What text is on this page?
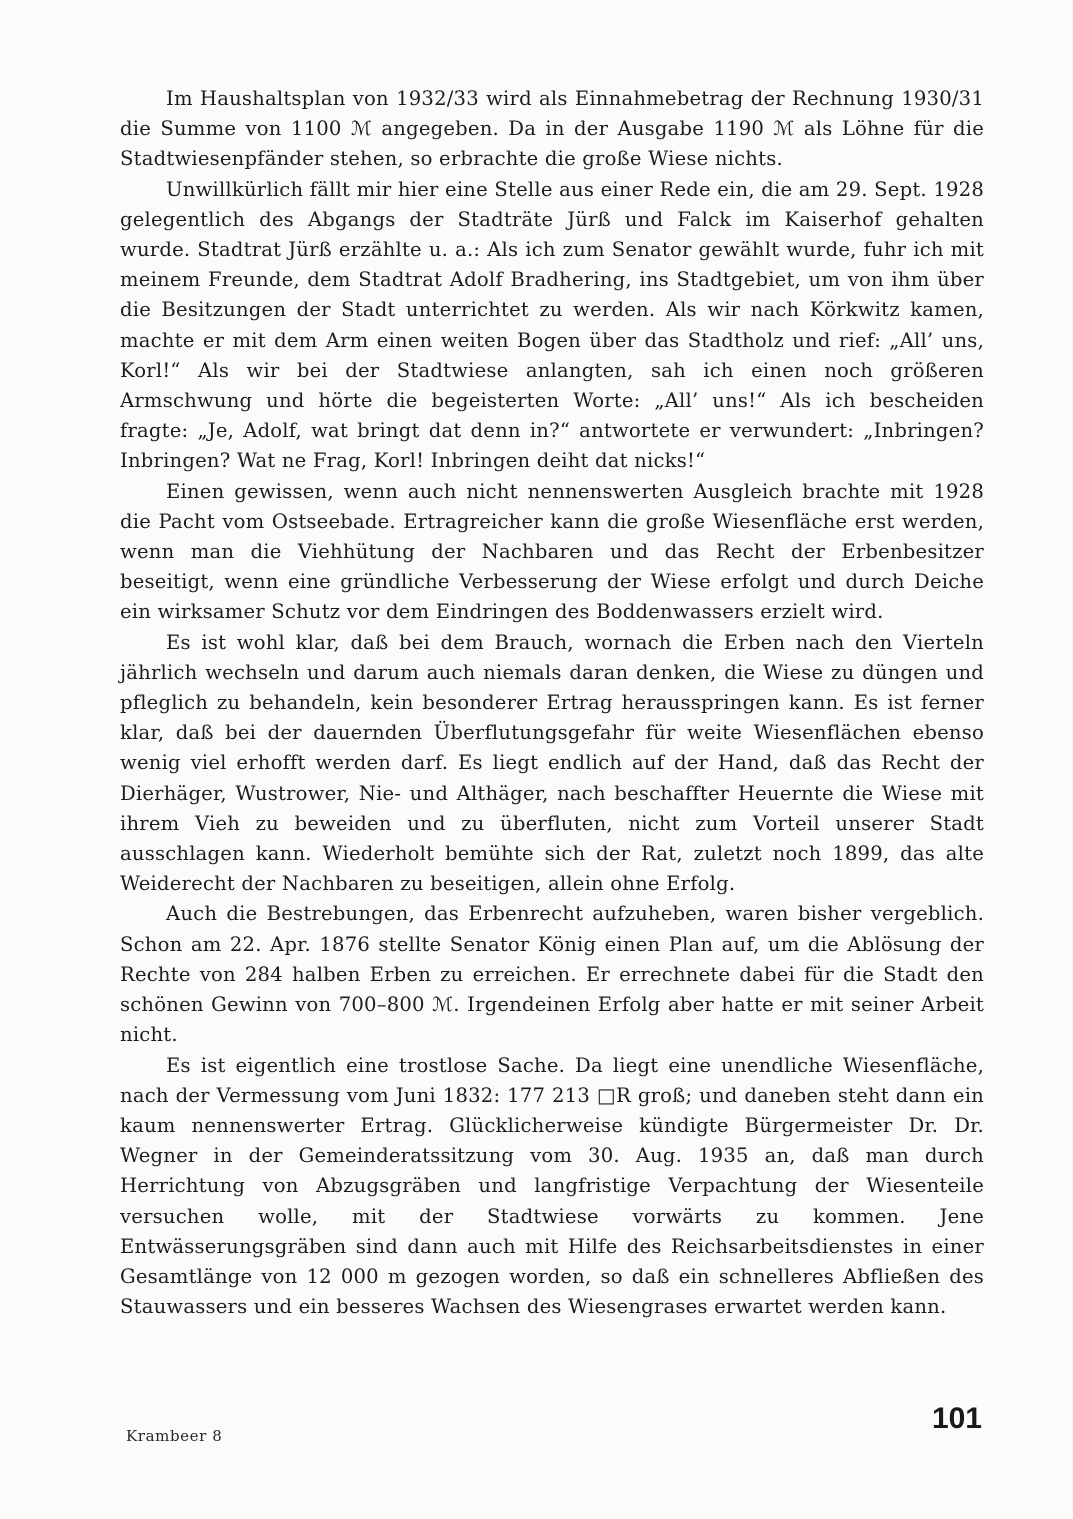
Im Haushaltsplan von 1932/33 wird als Einnahmebetrag der Rechnung 1930/31 die Summe von 1100 ℳ angegeben. Da in der Ausgabe 1190 ℳ als Löhne für die Stadtwiesenpfänder stehen, so erbrachte die große Wiese nichts.

Unwillkürlich fällt mir hier eine Stelle aus einer Rede ein, die am 29. Sept. 1928 gelegentlich des Abgangs der Stadträte Jürß und Falck im Kaiserhof gehalten wurde. Stadtrat Jürß erzählte u. a.: Als ich zum Senator gewählt wurde, fuhr ich mit meinem Freunde, dem Stadtrat Adolf Bradhering, ins Stadtgebiet, um von ihm über die Besitzungen der Stadt unterrichtet zu werden. Als wir nach Körkwitz kamen, machte er mit dem Arm einen weiten Bogen über das Stadtholz und rief: „All’ uns, Korl!“ Als wir bei der Stadtwiese anlangten, sah ich einen noch größeren Armschwung und hörte die begeisterten Worte: „All’ uns!“ Als ich bescheiden fragte: „Je, Adolf, wat bringt dat denn in?“ antwortete er verwundert: „Inbringen? Inbringen? Wat ne Frag, Korl! Inbringen deiht dat nicks!“

Einen gewissen, wenn auch nicht nennenswerten Ausgleich brachte mit 1928 die Pacht vom Ostseebade. Ertragreicher kann die große Wiesenfläche erst werden, wenn man die Viehhütung der Nachbaren und das Recht der Erbenbesitzer beseitigt, wenn eine gründliche Verbesserung der Wiese erfolgt und durch Deiche ein wirksamer Schutz vor dem Eindringen des Boddenwassers erzielt wird.

Es ist wohl klar, daß bei dem Brauch, wornach die Erben nach den Vierteln jährlich wechseln und darum auch niemals daran denken, die Wiese zu düngen und pfleglich zu behandeln, kein besonderer Ertrag herausspringen kann. Es ist ferner klar, daß bei der dauernden Überflutungsgefahr für weite Wiesenflächen ebenso wenig viel erhofft werden darf. Es liegt endlich auf der Hand, daß das Recht der Dierhäger, Wustrower, Nie- und Althäger, nach beschaffter Heuernte die Wiese mit ihrem Vieh zu beweiden und zu überfluten, nicht zum Vorteil unserer Stadt ausschlagen kann. Wiederholt bemühte sich der Rat, zuletzt noch 1899, das alte Weiderecht der Nachbaren zu beseitigen, allein ohne Erfolg.

Auch die Bestrebungen, das Erbenrecht aufzuheben, waren bisher vergeblich. Schon am 22. Apr. 1876 stellte Senator König einen Plan auf, um die Ablösung der Rechte von 284 halben Erben zu erreichen. Er errechnete dabei für die Stadt den schönen Gewinn von 700–800 ℳ. Irgendeinen Erfolg aber hatte er mit seiner Arbeit nicht.

Es ist eigentlich eine trostlose Sache. Da liegt eine unendliche Wiesenfläche, nach der Vermessung vom Juni 1832: 177 213 □R groß; und daneben steht dann ein kaum nennenswerter Ertrag. Glücklicherweise kündigte Bürgermeister Dr. Dr. Wegner in der Gemeinderatssitzung vom 30. Aug. 1935 an, daß man durch Herrichtung von Abzugsgräben und langfristige Verpachtung der Wiesenteile versuchen wolle, mit der Stadtwiese vorwärts zu kommen. Jene Entwässerungsgräben sind dann auch mit Hilfe des Reichsarbeitsdienstes in einer Gesamtlänge von 12 000 m gezogen worden, so daß ein schnelleres Abfließen des Stauwassers und ein besseres Wachsen des Wiesengrases erwartet werden kann.

Krambeer 8
101
